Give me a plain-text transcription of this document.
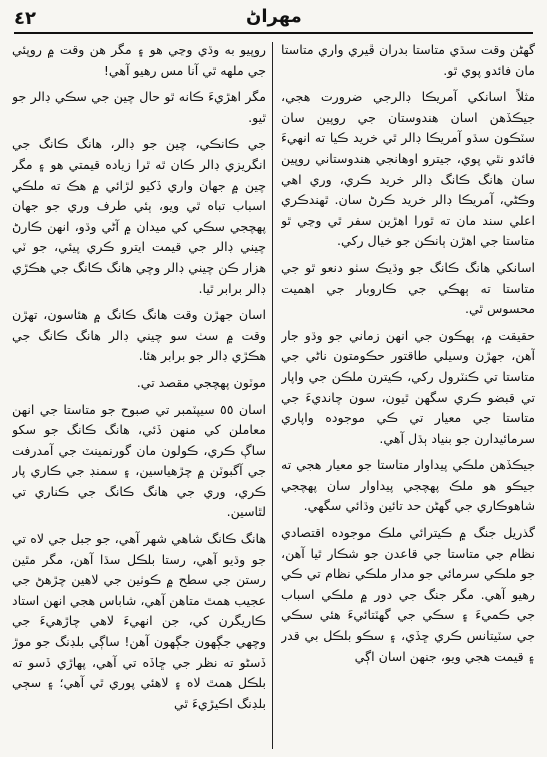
٤٢	مهراڻ

گهڻن وقت سڌي متاستا بدران ڦيري واري متاستا مان فائدو پوي ٿو.

مثلاً اسانکي آمريڪا ڊالرجي ضرورت هجي، جيڪڏهن اسان هندوستان جي روپين سان سٽڪون سڌو آمريڪا ڊالر ٿي خريد ڪيا ته انهيءَ فائدو نٿي پوي، جيترو اوهانجي هندوستاني روپين سان هانگ ڪانگ ڊالر خريد ڪري، وري اهي وڪڻي، آمريڪا ڊالر خريد ڪرڻ سان. ٿهندڪري اعلي سند مان ته ٿورا اهڙين سفر ٿي وڃي ٿو متاستا جي اهڙن ٻانڪن جو خيال رکي.

اسانکي هانگ ڪانگ جو وڌيڪ سٺو دنعو ٿو جي متاستا ته ٻهڪي جي ڪاروبار جي اهميت محسوس ٿي.

حقيقت ۾، ٻهڪون جي انهن زماني جو وڌو جار آهن، جهڙن وسيلي طاقتور حڪومتون ناڻي جي متاستا تي ڪنٽرول رکي، ڪيترن ملڪن جي واپار تي قبضو ڪري سگهن ٿيون، سون چانديءَ جي متاستا جي معيار تي ڪي موجوده واپاري سرمائيدارن جو بنياد ٻڌل آهي.

جيڪڏهن ملڪي پيداوار متاستا جو معيار هجي ته جيڪو هو ملڪ پهچجي پيداوار سان پهچجي شاهوڪاري جي گهڻن حد تائين وڌائي سگهي.

گذريل جنگ ۾ ڪيترائي ملڪ موجوده اقتصادي نظام جي متاستا جي قاعدن جو شڪار ٿيا آهن، جو ملڪي سرمائي جو مدار ملڪي نظام تي ڪي رهيو آهي. مگر جنگ جي دور ۾ ملڪي اسباب جي ڪميءَ ۽ سڪي جي گهٽتائيءَ هئي سڪي جي سٽيتانس ڪري ڇڏي، ۽ سڪو بلڪل بي قدر ۽ قيمت هجي ويو، جنهن اسان اڳي

روپيو به وڌي وڃي هو ۽ مگر هن وقت ۾ روپئي جي ملهه ٿي آنا مس رهيو آهي!

مگر اهڙيءَ ڪانه ٿو حال چين جي سڪي ڊالر جو ٿيو.

جي ڪانڪي، چين جو ڊالر، هانگ ڪانگ جي انگريزي ڊالر ڪان ٿه ٿرا زياده قيمتي هو ۽ مگر چين ۾ جهان واري ڏکيو لڙائي ۾ هڪ ته ملڪي اسباب تباه ٿي ويو، ٻئي طرف وري جو جهان پهچجي سڪي کي ميدان ۾ آڻي وڌو، انهن ڪارڻ چيني ڊالر جي قيمت ايترو ڪري پيئي، جو ٽي هزار ڪن چيني ڊالر وچي هانگ ڪانگ جي هڪڙي ڊالر برابر ٿيا.

اسان جهڙن وقت هانگ ڪانگ ۾ هئاسون، تهڙن وقت ۾ سٺ سو چيني ڊالر هانگ ڪانگ جي هڪڙي ڊالر جو برابر هئا.

موٽون پهچجي مقصد تي.

اسان ٥٥ سيپٽمبر تي صبوح جو متاستا جي انهن معاملن کي منهن ڏئي، هانگ ڪانگ جو سکو ساڳ ڪري، ڪولون مان گورنمينٽ جي آمدرفت جي آگبوٽن ۾ چڙهياسين، ۽ سمنڊ جي ڪاري پار ڪري، وري جي هانگ ڪانگ جي ڪناري تي لٿاسين.

هانگ ڪانگ شاهي شهر آهي، جو جبل جي لاه تي جو وڌيو آهي، رستا بلڪل سڌا آهن، مگر مٿين رستن جي سطح ۾ ڪوٺين جي لاهين چڙهڻ جي عجيب همٿ متاهن آهي، شاباس هجي انهن استاد ڪاريگرن کي، جن انهيءَ لاهي چاڙهيءَ جي وچهي جڳهون جڳهون آهن! ساڳي بلڊنگ جو موڙ ڏسڻو ته نظر جي ڇاڏه تي آهي، پهاڙي ڏسو ته بلڪل همٿ لاه ۽ لاهئي پوري ٿي آهي؛ ۽ سڄي بلڊنگ اڪيڙيءَ ٿي
